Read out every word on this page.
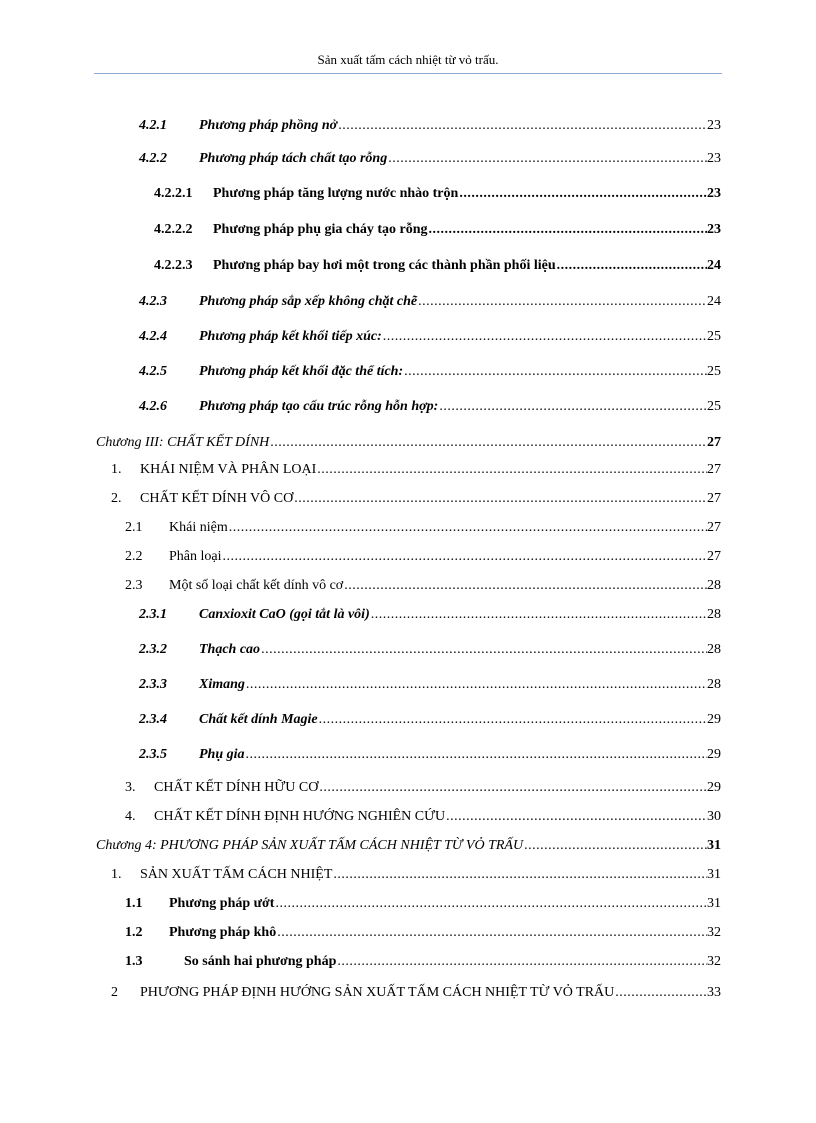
Sản xuất tấm cách nhiệt từ vỏ trấu.
4.2.1 Phương pháp phồng nở .....	23
4.2.2 Phương pháp tách chất tạo rỗng .....	23
4.2.2.1 Phương pháp tăng lượng nước nhào trộn .....	23
4.2.2.2 Phương pháp phụ gia cháy tạo rỗng .....	23
4.2.2.3 Phương pháp bay hơi một trong các thành phần phối liệu .....	24
4.2.3 Phương pháp sắp xếp không chặt chẽ .....	24
4.2.4 Phương pháp kết khối tiếp xúc: .....	25
4.2.5 Phương pháp kết khối đặc thể tích: .....	25
4.2.6 Phương pháp tạo cấu trúc rỗng hỗn hợp: .....	25
Chương III: CHẤT KẾT DÍNH .....	27
1. KHÁI NIỆM VÀ PHÂN LOẠI .....	27
2. CHẤT KẾT DÍNH VÔ CƠ .....	27
2.1 Khái niệm .....	27
2.2 Phân loại .....	27
2.3 Một số loại chất kết dính vô cơ .....	28
2.3.1 Canxioxit CaO (gọi tắt là vôi) .....	28
2.3.2 Thạch cao .....	28
2.3.3 Ximang .....	28
2.3.4 Chất kết dính Magie .....	29
2.3.5 Phụ gia .....	29
3. CHẤT KẾT DÍNH HỮU CƠ .....	29
4. CHẤT KẾT DÍNH ĐỊNH HƯỚNG NGHIÊN CỨU .....	30
Chương 4: PHƯƠNG PHÁP SẢN XUẤT TẤM CÁCH NHIỆT TỪ VỎ TRẤU .....	31
1. SẢN XUẤT TẤM CÁCH NHIỆT .....	31
1.1 Phương pháp ướt .....	31
1.2 Phương pháp khô .....	32
1.3	So sánh hai phương pháp .....	32
2 PHƯƠNG PHÁP ĐỊNH HƯỚNG SẢN XUẤT TẤM CÁCH NHIỆT TỪ VỎ TRẤU .....	33
